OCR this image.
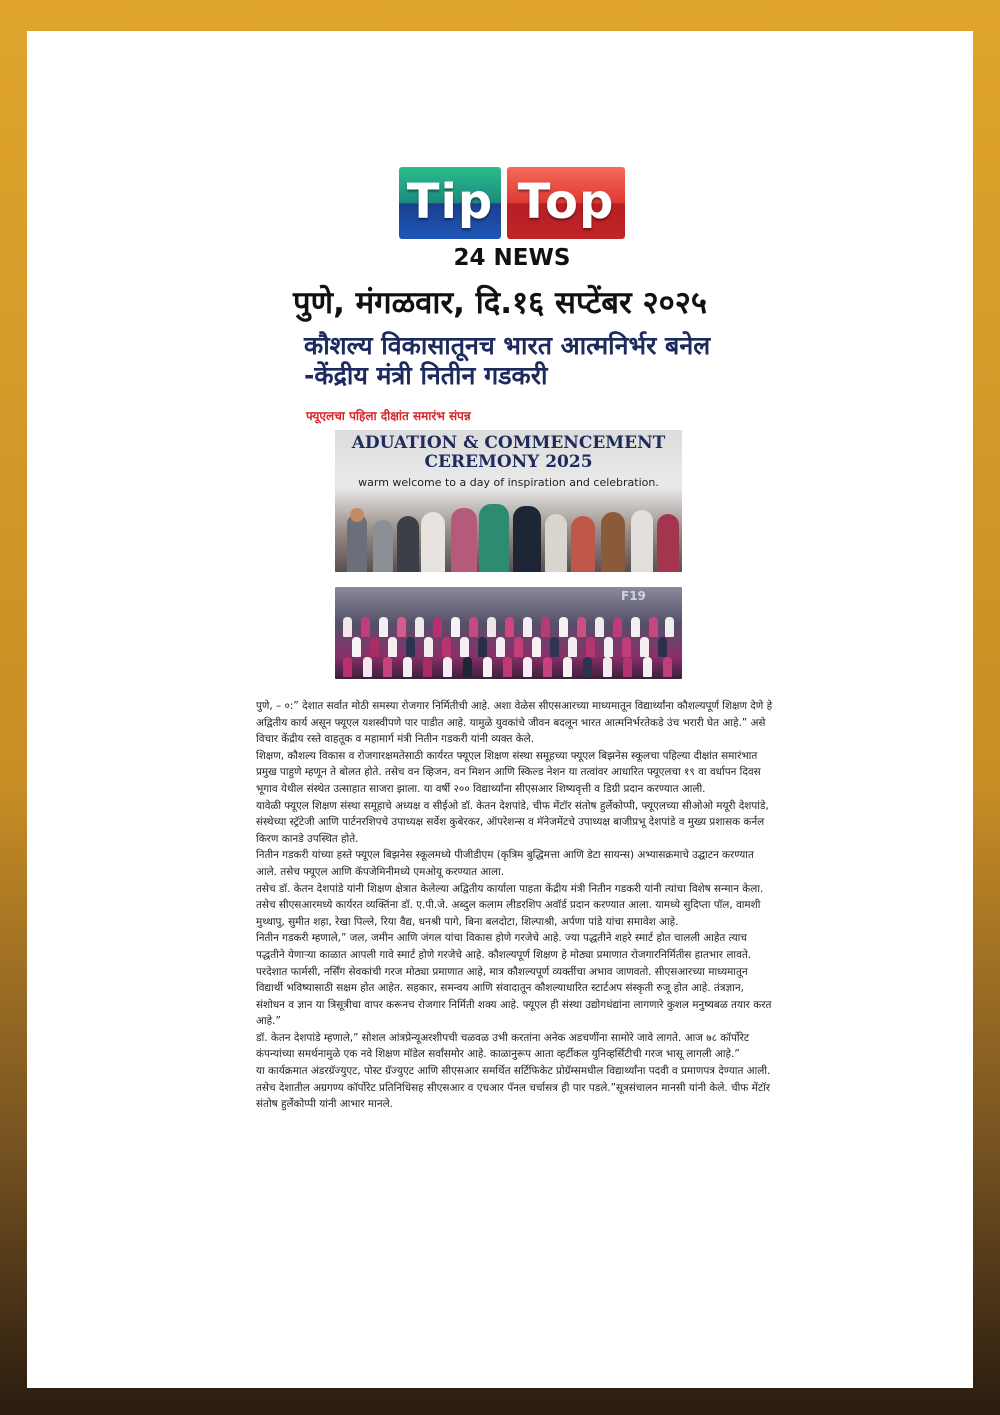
Tip Top
24 NEWS
पुणे, मंगळवार, दि.१६ सप्टेंबर २०२५
कौशल्य विकासातूनच भारत आत्मनिर्भर बनेल -केंद्रीय मंत्री नितीन गडकरी
फ्यूएलचा पहिला दीक्षांत समारंभ संपन्न
ADUATION & COMMENCEMENT CEREMONY 2025
warm welcome to a day of inspiration and celebration.
F19

पुणे, – ०:” देशात सर्वात मोठी समस्या रोजगार निर्मितीची आहे. अशा वेळेस सीएसआरच्या माध्यमातून विद्यार्थ्यांना कौशल्यपूर्ण शिक्षण देणे हे अद्वितीय कार्य असून फ्यूएल यशस्वीपणे पार पाडीत आहे. यामुळे युवकांचे जीवन बदलून भारत आत्मनिर्भरतेकडे उंच भरारी घेत आहे.” असे विचार केंद्रीय रस्ते वाहतूक व महामार्ग मंत्री नितीन गडकरी यांनी व्यक्त केले.

शिक्षण, कौशल्य विकास व रोजगारक्षमतेसाठी कार्यरत फ्यूएल शिक्षण संस्था समूहच्या फ्यूएल बिझनेस स्कूलचा पहिल्या दीक्षांत समारंभात प्रमुख पाहुणे म्हणून ते बोलत होते. तसेच वन व्हिजन, वन मिशन आणि स्किल्ड नेशन या तत्वांवर आधारित फ्यूएलचा १९ वा वर्धापन दिवस भूगाव येथील संस्थेत उत्साहात साजरा झाला. या वर्षी २०० विद्यार्थ्यांना सीएसआर शिष्यवृत्ती व डिग्री प्रदान करण्यात आली.

यावेळी फ्यूएल शिक्षण संस्था समूहाचे अध्यक्ष व सीईओ डॉ. केतन देशपांडे, चीफ मेंटॉर संतोष हुर्लेकोप्पी, फ्यूएलच्या सीओओ मयूरी देशपांडे, संस्थेच्या स्ट्रॅटेजी आणि पार्टनरशिपचे उपाध्यक्ष सर्वेश कुबेरकर, ऑपरेशन्स व मॅनेजमेंटचे उपाध्यक्ष बाजीप्रभू देशपांडे व मुख्य प्रशासक कर्नल किरण कानडे उपस्थित होते.

नितीन गडकरी यांच्या हस्ते फ्यूएल बिझनेस स्कूलमध्ये पीजीडीएम (कृत्रिम बुद्धिमत्ता आणि डेटा सायन्स) अभ्यासक्रमाचे उद्घाटन करण्यात आले. तसेच फ्यूएल आणि कॅपजेमिनीमध्ये एमओयू करण्यात आला.

तसेच डॉ. केतन देशपांडे यांनी शिक्षण क्षेत्रात केलेल्या अद्वितीय कार्याला पाहता केंद्रीय मंत्री नितीन गडकरी यांनी त्यांचा विशेष सन्मान केला. तसेच सीएसआरमध्ये कार्यरत व्यक्तिंना डॉ. ए.पी.जे. अब्दुल कलाम लीडरशिप अवॉर्ड प्रदान करण्यात आला. यामध्ये सुदिप्ता पॉल, वामशी मुथ्थापु, सुमीत शहा, रेखा पिल्ले, रिया वैद्य, धनश्री पागे, बिना बलदोटा, शिल्पाश्री, अर्पणा पांडे यांचा समावेश आहे.

नितीन गडकरी म्हणाले,” जल, जमीन आणि जंगल यांचा विकास होणे गरजेचे आहे. ज्या पद्धतीने शहरे स्मार्ट होत चालली आहेत त्याच पद्धतीने येणाऱ्या काळात आपली गावे स्मार्ट होणे गरजेचे आहे. कौशल्यपूर्ण शिक्षण हे मोठ्या प्रमाणात रोजगारनिर्मितीस हातभार लावते. परदेशात फार्मसी, नर्सिंग सेवकांची गरज मोठ्या प्रमाणात आहे, मात्र कौशल्यपूर्ण व्यक्तींचा अभाव जाणवतो. सीएसआरच्या माध्यमातून विद्यार्थी भविष्यासाठी सक्षम होत आहेत. सहकार, समन्वय आणि संवादातून कौशल्याधारित स्टार्टअप संस्कृती रुजू होत आहे. तंत्रज्ञान, संशोधन व ज्ञान या त्रिसूत्रीचा वापर करूनच रोजगार निर्मिती शक्य आहे. फ्यूएल ही संस्था उद्योगधंद्यांना लागणारे कुशल मनुष्यबळ तयार करत आहे.”

डॉ. केतन देशपांडे म्हणाले,” सोशल आंत्रप्रेन्यूअरशीपची चळवळ उभी करतांना अनेक अडचणींना सामोरे जावे लागते. आज ७८ कॉर्पोरेट कंपन्यांच्या समर्थनामुळे एक नवे शिक्षण मॉडेल सर्वांसमोर आहे. काळानुरूप आता व्हर्टीकल युनिव्हर्सिटीची गरज भासू लागली आहे.”

या कार्यक्रमात अंडरग्रॅज्युएट, पोस्ट ग्रॅज्युएट आणि सीएसआर समर्थित सर्टिफिकेट प्रोग्रॅम्समधील विद्यार्थ्यांना पदवी व प्रमाणपत्र देण्यात आली. तसेच देशातील अग्रगण्य कॉर्पोरेट प्रतिनिधिसह सीएसआर व एचआर पॅनल चर्चासत्र ही पार पडले.”सूत्रसंचालन मानसी यांनी केले. चीफ मेंटॉर संतोष हुर्लेकोप्पी यांनी आभार मानले.
